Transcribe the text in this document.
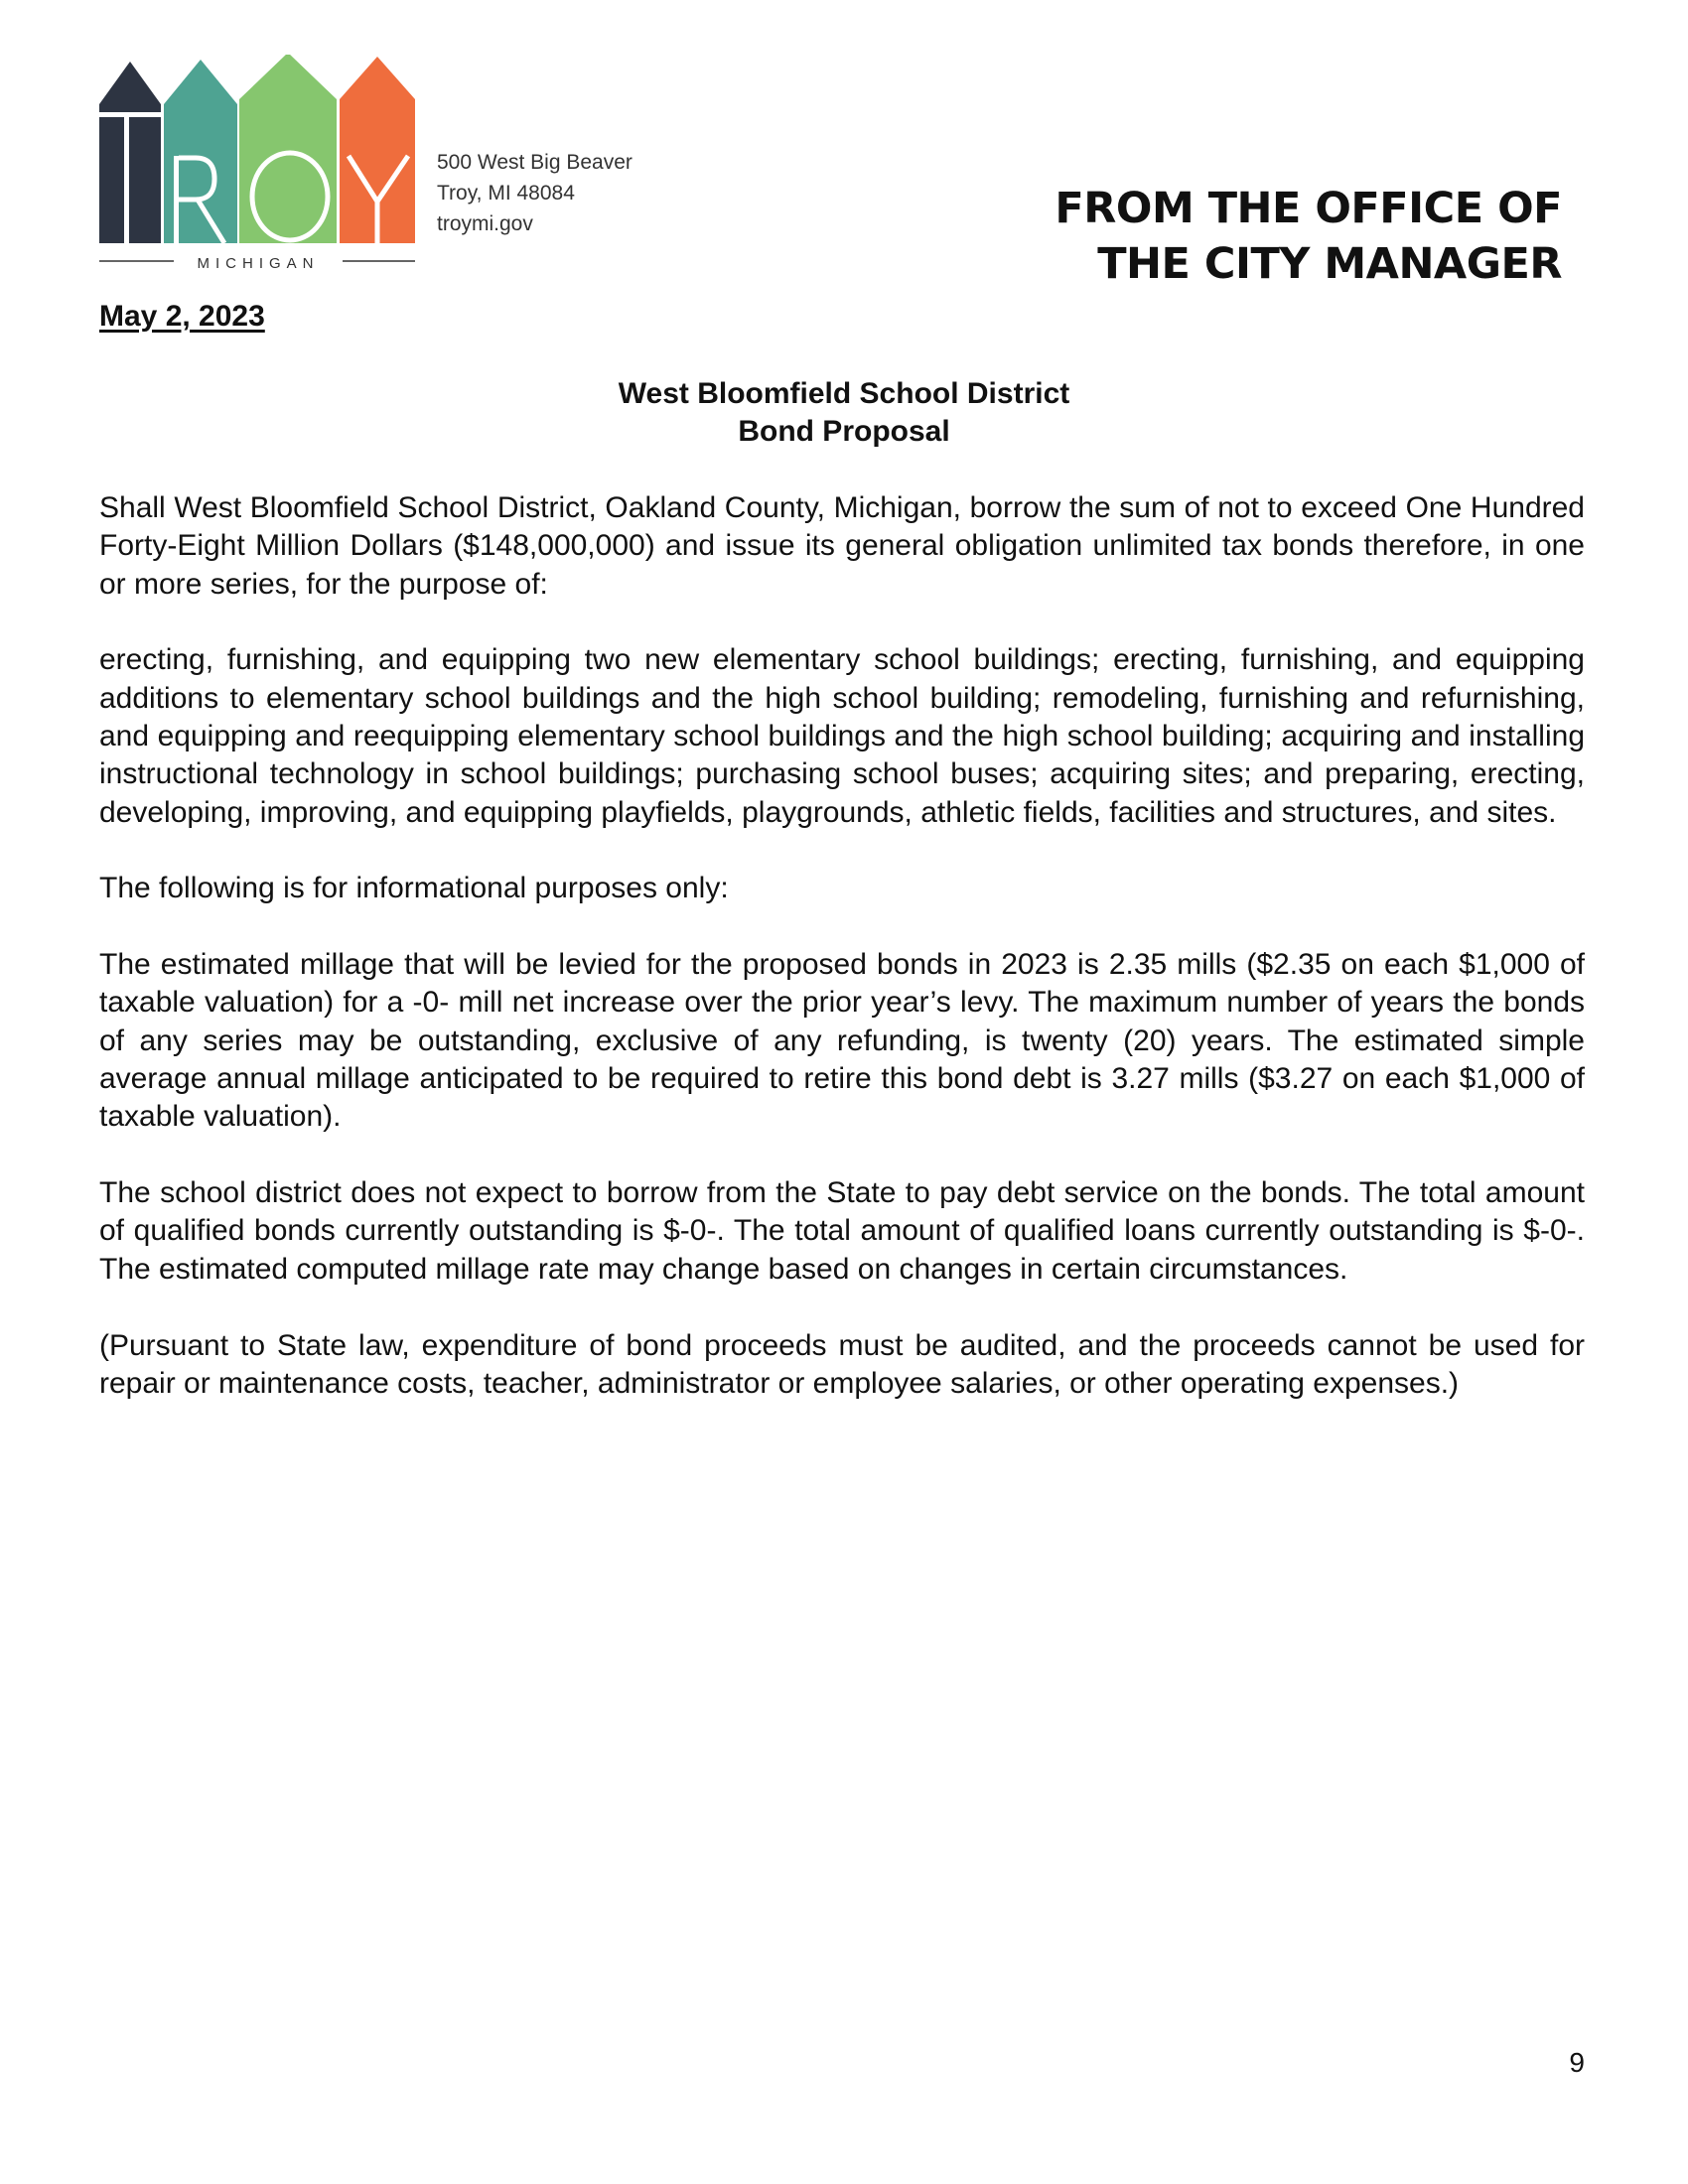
MICHIGAN
500 West Big Beaver
Troy, MI 48084
troymi.gov	FROM THE OFFICE OF
THE CITY MANAGER
May 2, 2023
West Bloomfield School District
Bond Proposal

Shall West Bloomfield School District, Oakland County, Michigan, borrow the sum of not to exceed One Hundred Forty-Eight Million Dollars ($148,000,000) and issue its general obligation unlimited tax bonds therefore, in one or more series, for the purpose of:

erecting, furnishing, and equipping two new elementary school buildings; erecting, furnishing, and equipping additions to elementary school buildings and the high school building; remodeling, furnishing and refurnishing, and equipping and reequipping elementary school buildings and the high school building; acquiring and installing instructional technology in school buildings; purchasing school buses; acquiring sites; and preparing, erecting, developing, improving, and equipping playfields, playgrounds, athletic fields, facilities and structures, and sites.

The following is for informational purposes only:

The estimated millage that will be levied for the proposed bonds in 2023 is 2.35 mills ($2.35 on each $1,000 of taxable valuation) for a -0- mill net increase over the prior year’s levy. The maximum number of years the bonds of any series may be outstanding, exclusive of any refunding, is twenty (20) years. The estimated simple average annual millage anticipated to be required to retire this bond debt is 3.27 mills ($3.27 on each $1,000 of taxable valuation).

The school district does not expect to borrow from the State to pay debt service on the bonds. The total amount of qualified bonds currently outstanding is $-0-. The total amount of qualified loans currently outstanding is $-0-. The estimated computed millage rate may change based on changes in certain circumstances.

(Pursuant to State law, expenditure of bond proceeds must be audited, and the proceeds cannot be used for repair or maintenance costs, teacher, administrator or employee salaries, or other operating expenses.)

9
